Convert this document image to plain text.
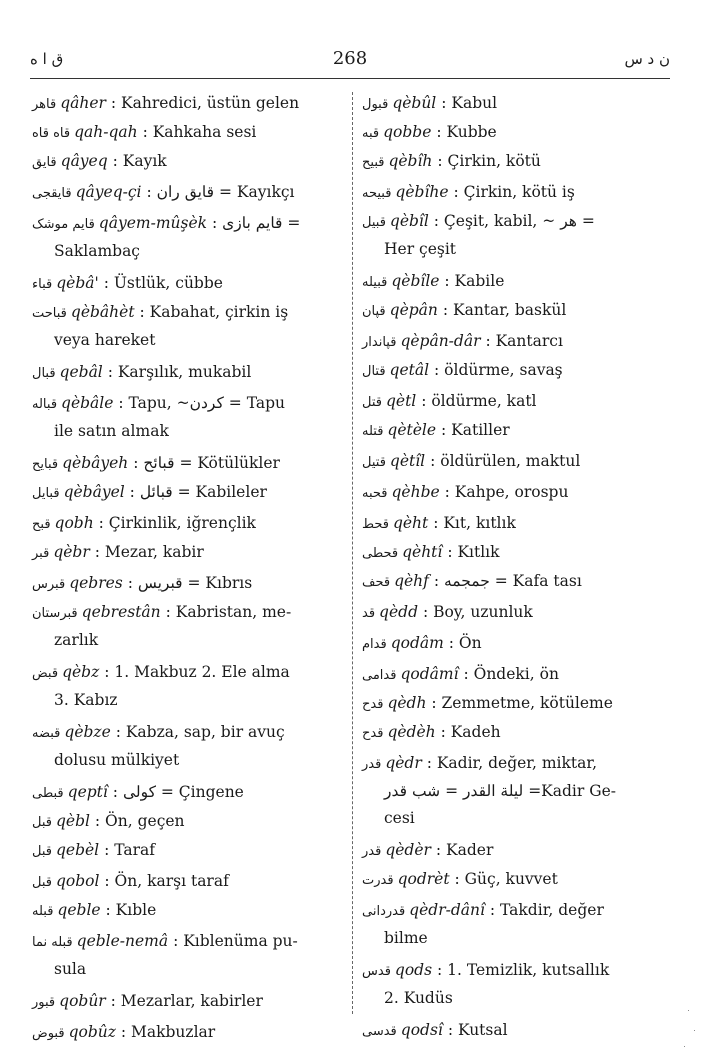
ق ا ه	268	ن د س

قاهر qâher : Kahredici, üstün gelen

قاه قاه qah-qah : Kahkaha sesi

قایق qâyeq : Kayık

قایقجی qâyeq-çi : قایق ران = Kayıkçı

قایم موشک qâyem-mûşèk : قایم بازی =
Saklambaç

قباء qèbâ' : Üstlük, cübbe

قباحت qèbâhèt : Kabahat, çirkin iş
veya hareket

قبال qebâl : Karşılık, mukabil

قباله qèbâle : Tapu, ~کردن = Tapu
ile satın almak

قبایح qèbâyeh : قبائح = Kötülükler

قبایل qèbâyel : قبائل = Kabileler

قبح qobh : Çirkinlik, iğrençlik

قبر qèbr : Mezar, kabir

قبرس qebres : قبریس = Kıbrıs

قبرستان qebrestân : Kabristan, me-
zarlık

قبض qèbz : 1. Makbuz 2. Ele alma
3. Kabız

قبضه qèbze : Kabza, sap, bir avuç
dolusu mülkiyet

قبطی qeptî : کولی = Çingene

قبل qèbl : Ön, geçen

قبل qebèl : Taraf

قبل qobol : Ön, karşı taraf

قبله qeble : Kıble

قبله نما qeble-nemâ : Kıblenüma pu-
sula

قبور qobûr : Mezarlar, kabirler

قبوض qobûz : Makbuzlar

قبول qèbûl : Kabul

قبه qobbe : Kubbe

قبیح qèbîh : Çirkin, kötü

قبیحه qèbîhe : Çirkin, kötü iş

قبیل qèbîl : Çeşit, kabil, ~ هر =
Her çeşit

قبیله qèbîle : Kabile

قپان qèpân : Kantar, baskül

قپاندار qèpân-dâr : Kantarcı

قتال qetâl : öldürme, savaş

قتل qètl : öldürme, katl

قتله qètèle : Katiller

قتیل qètîl : öldürülen, maktul

قحبه qèhbe : Kahpe, orospu

قحط qèht : Kıt, kıtlık

قحطی qèhtî : Kıtlık

قحف qèhf : جمجمه = Kafa tası

قد qèdd : Boy, uzunluk

قدام qodâm : Ön

قدامی qodâmî : Öndeki, ön

قدح qèdh : Zemmetme, kötüleme

قدح qèdèh : Kadeh

قدر qèdr : Kadir, değer, miktar,
ليلة القدر = شب قدر =Kadir Ge-
cesi

قدر qèdèr : Kader

قدرت qodrèt : Güç, kuvvet

قدردانی qèdr-dânî : Takdir, değer
bilme

قدس qods : 1. Temizlik, kutsallık
2. Kudüs

قدسی qodsî : Kutsal
